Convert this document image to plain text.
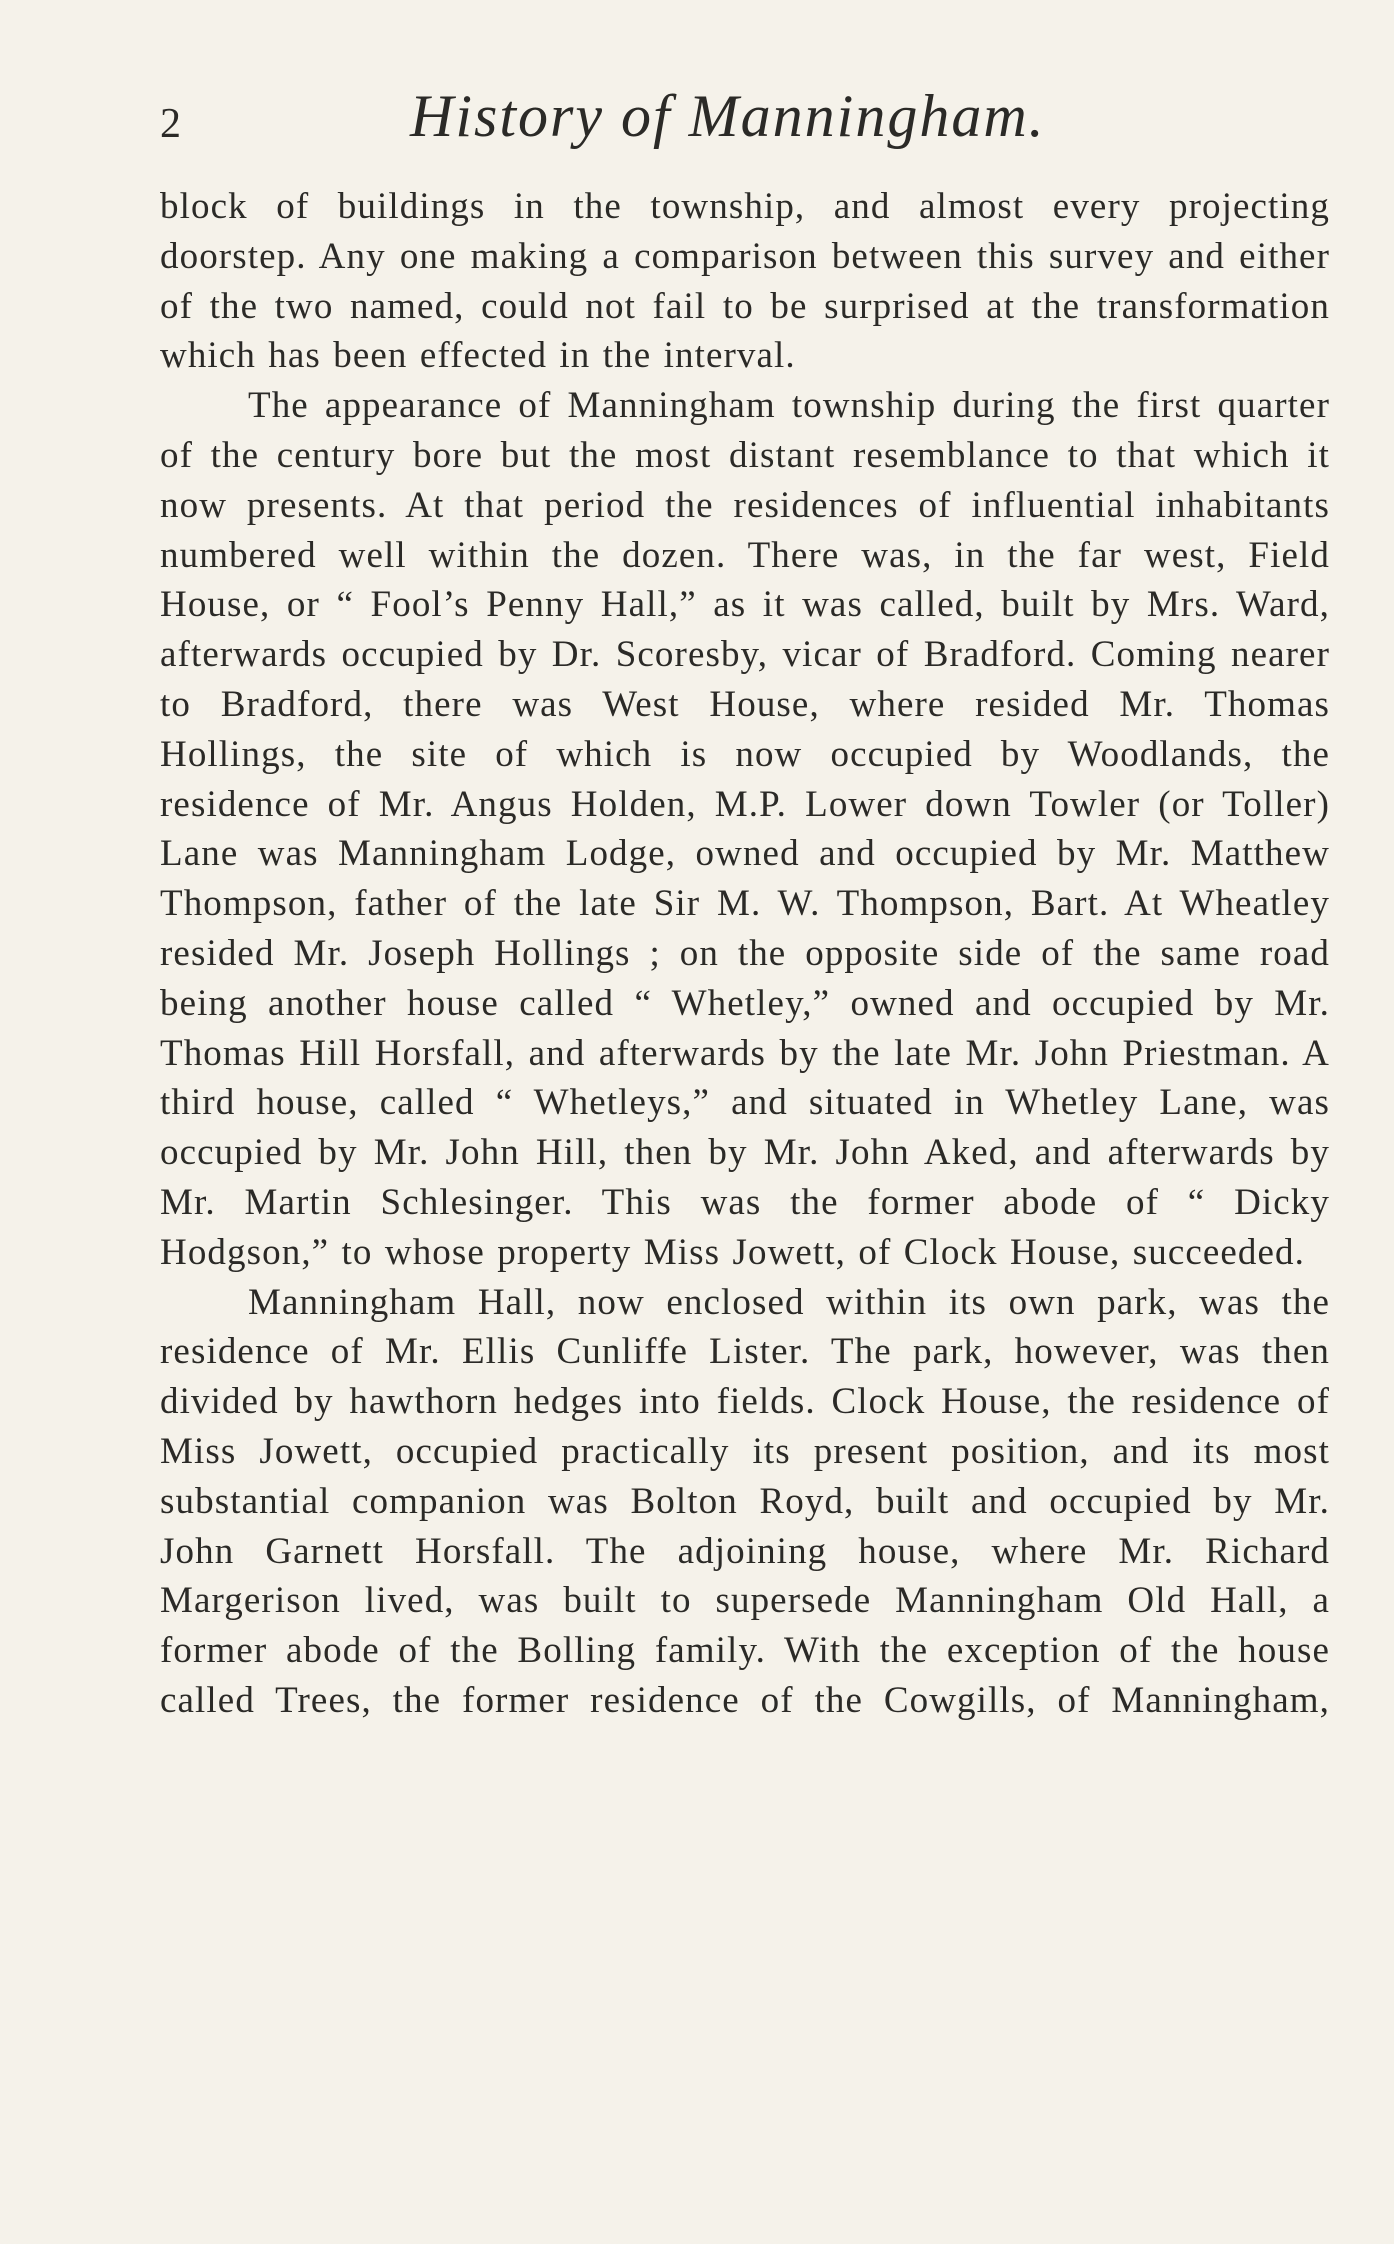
2	History of Manningham.

block of buildings in the township, and almost every projecting doorstep. Any one making a comparison between this survey and either of the two named, could not fail to be surprised at the transformation which has been effected in the interval.

The appearance of Manningham township during the first quarter of the century bore but the most distant resemblance to that which it now presents. At that period the residences of influential inhabitants numbered well within the dozen. There was, in the far west, Field House, or “ Fool’s Penny Hall,” as it was called, built by Mrs. Ward, afterwards occupied by Dr. Scoresby, vicar of Bradford. Coming nearer to Bradford, there was West House, where resided Mr. Thomas Hollings, the site of which is now occupied by Woodlands, the residence of Mr. Angus Holden, M.P. Lower down Towler (or Toller) Lane was Manningham Lodge, owned and occupied by Mr. Matthew Thompson, father of the late Sir M. W. Thompson, Bart. At Wheatley resided Mr. Joseph Hollings ; on the opposite side of the same road being another house called “ Whetley,” owned and occupied by Mr. Thomas Hill Horsfall, and afterwards by the late Mr. John Priestman. A third house, called “ Whetleys,” and situated in Whetley Lane, was occupied by Mr. John Hill, then by Mr. John Aked, and afterwards by Mr. Martin Schlesinger. This was the former abode of “ Dicky Hodgson,” to whose property Miss Jowett, of Clock House, succeeded.

Manningham Hall, now enclosed within its own park, was the residence of Mr. Ellis Cunliffe Lister. The park, however, was then divided by hawthorn hedges into fields. Clock House, the residence of Miss Jowett, occupied practically its present position, and its most substantial companion was Bolton Royd, built and occupied by Mr. John Garnett Horsfall. The adjoining house, where Mr. Richard Margerison lived, was built to supersede Manningham Old Hall, a former abode of the Bolling family. With the exception of the house called Trees, the former residence of the Cowgills, of Manningham,
